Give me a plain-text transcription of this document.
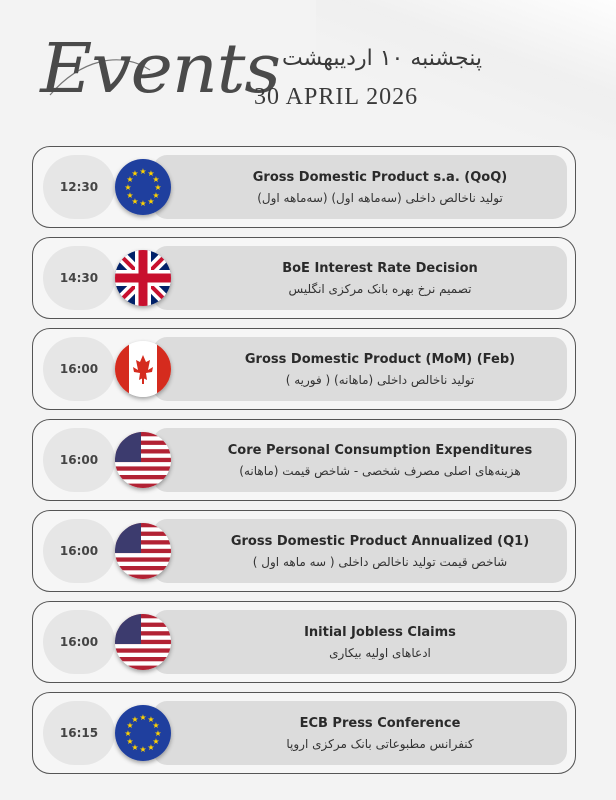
Events پنجشنبه ۱۰ اردیبهشت
30 APRIL 2026
12:30
★ ★
★
★
★
★
★
★
★
★
★
★	Gross Domestic Product s.a. (QoQ)
تولید ناخالص داخلی (سه‌ماهه اول) (سه‌ماهه اول)
14:30
BoE Interest Rate Decision
تصمیم نرخ بهره بانک مرکزی انگلیس
16:00
Gross Domestic Product (MoM) (Feb)
تولید ناخالص داخلی (ماهانه) ( فوریه )
16:00
Core Personal Consumption Expenditures
هزینه‌های اصلی مصرف شخصی - شاخص قیمت (ماهانه)
16:00
Gross Domestic Product Annualized (Q1)
شاخص قیمت تولید ناخالص داخلی ( سه ماهه اول )
16:00
Initial Jobless Claims
ادعاهای اولیه بیکاری
16:15
★ ★
★
★
★
★
★
★
★
★
★
★	ECB Press Conference
کنفرانس مطبوعاتی بانک مرکزی اروپا
